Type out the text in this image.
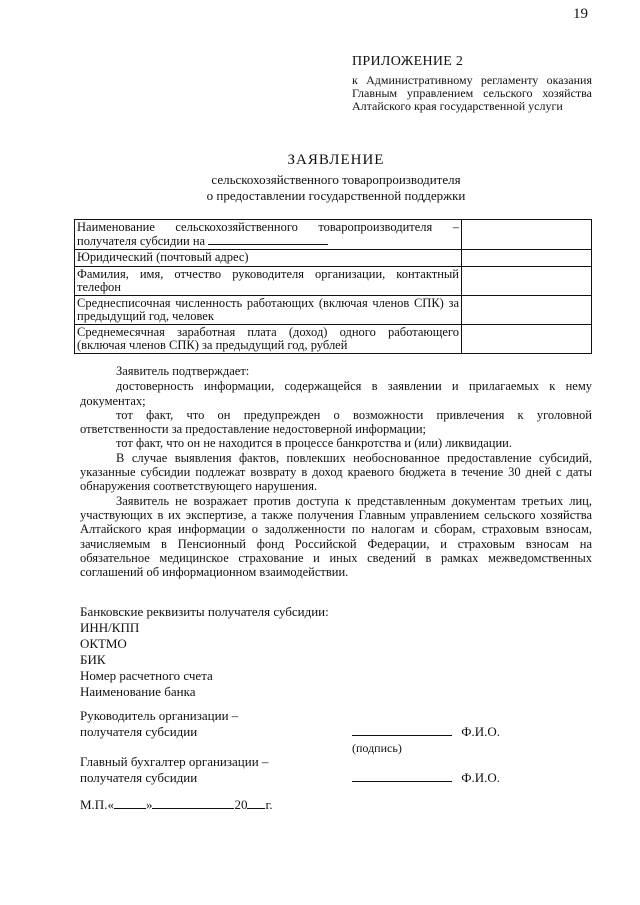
19
ПРИЛОЖЕНИЕ 2
к Административному регламенту оказания Главным управлением сельского хозяйства Алтайского края государственной услуги
ЗАЯВЛЕНИЕ
сельскохозяйственного товаропроизводителя
о предоставлении государственной поддержки
Наименование сельскохозяйственного товаропроизводителя – получателя субсидии на	
Юридический (почтовый адрес)	
Фамилия, имя, отчество руководителя организации, контактный телефон	
Среднесписочная численность работающих (включая членов СПК) за предыдущий год, человек	
Среднемесячная заработная плата (доход) одного работающего (включая членов СПК) за предыдущий год, рублей	

Заявитель подтверждает:

достоверность информации, содержащейся в заявлении и прилагаемых к нему документах;

тот факт, что он предупрежден о возможности привлечения к уголовной ответственности за предоставление недостоверной информации;

тот факт, что он не находится в процессе банкротства и (или) ликвидации.

В случае выявления фактов, повлекших необоснованное предоставление субсидий, указанные субсидии подлежат возврату в доход краевого бюджета в течение 30 дней с даты обнаружения соответствующего нарушения.

Заявитель не возражает против доступа к представленным документам третьих лиц, участвующих в их экспертизе, а также получения Главным управлением сельского хозяйства Алтайского края информации о задолженности по налогам и сборам, страховым взносам, зачисляемым в Пенсионный фонд Российской Федерации, и страховым взносам на обязательное медицинское страхование и иных сведений в рамках межведомственных соглашений об информационном взаимодействии.

Банковские реквизиты получателя субсидии:
ИНН/КПП
ОКТМО
БИК
Номер расчетного счета
Наименование банка
Руководитель организации –
получателя субсидии	Ф.И.О.
(подпись)
Главный бухгалтер организации –
получателя субсидии	Ф.И.О.
М.П.« »	20 г.
